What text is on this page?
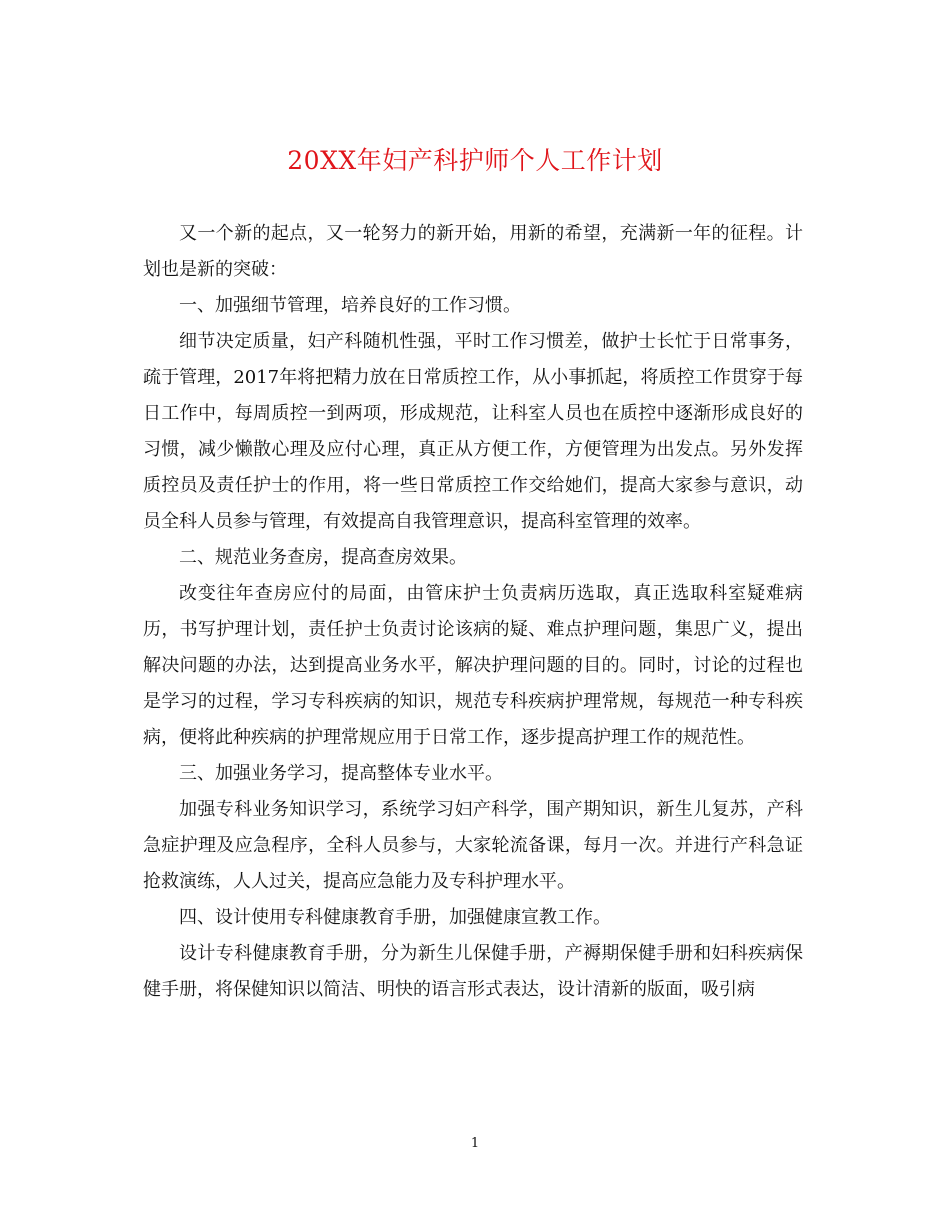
20XX年妇产科护师个人工作计划

又一个新的起点，又一轮努力的新开始，用新的希望，充满新一年的征程。计划也是新的突破：

一、加强细节管理，培养良好的工作习惯。

细节决定质量，妇产科随机性强，平时工作习惯差，做护士长忙于日常事务，疏于管理，2017年将把精力放在日常质控工作，从小事抓起，将质控工作贯穿于每日工作中，每周质控一到两项，形成规范，让科室人员也在质控中逐渐形成良好的习惯，减少懒散心理及应付心理，真正从方便工作，方便管理为出发点。另外发挥质控员及责任护士的作用，将一些日常质控工作交给她们，提高大家参与意识，动员全科人员参与管理，有效提高自我管理意识，提高科室管理的效率。

二、规范业务查房，提高查房效果。

改变往年查房应付的局面，由管床护士负责病历选取，真正选取科室疑难病历，书写护理计划，责任护士负责讨论该病的疑、难点护理问题，集思广义，提出解决问题的办法，达到提高业务水平，解决护理问题的目的。同时，讨论的过程也是学习的过程，学习专科疾病的知识，规范专科疾病护理常规，每规范一种专科疾病，便将此种疾病的护理常规应用于日常工作，逐步提高护理工作的规范性。

三、加强业务学习，提高整体专业水平。

加强专科业务知识学习，系统学习妇产科学，围产期知识，新生儿复苏，产科急症护理及应急程序，全科人员参与，大家轮流备课，每月一次。并进行产科急证抢救演练，人人过关，提高应急能力及专科护理水平。

四、设计使用专科健康教育手册，加强健康宣教工作。

设计专科健康教育手册，分为新生儿保健手册，产褥期保健手册和妇科疾病保健手册，将保健知识以简洁、明快的语言形式表达，设计清新的版面，吸引病

1
